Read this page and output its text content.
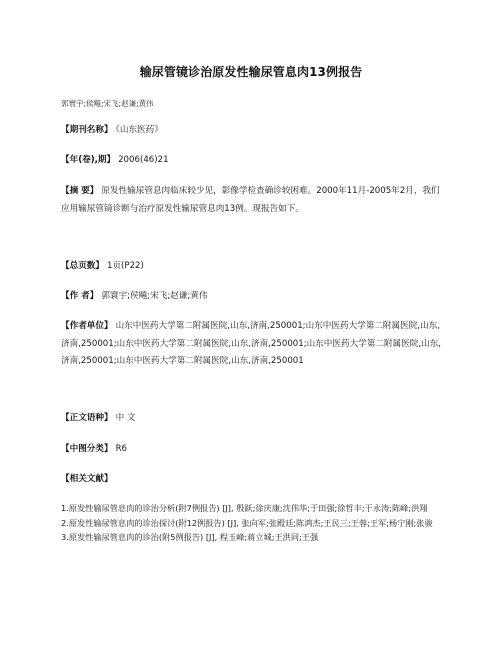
输尿管镜诊治原发性输尿管息肉13例报告
郭寰宇;侯飚;宋飞;赵谦;黄伟
【期刊名称】 《山东医药》
【年(卷),期】 2006(46)21
【摘 要】 原发性输尿管息肉临床较少见，影像学检查确诊较困难。2000年11月-2005年2月，我们应用输尿管镜诊断与治疗原发性输尿管息肉13例。现报告如下。
【总页数】 1页(P22)
【作 者】 郭寰宇;侯飚;宋飞;赵谦;黄伟
【作者单位】 山东中医药大学第二附属医院,山东,济南,250001;山东中医药大学第二附属医院,山东,济南,250001;山东中医药大学第二附属医院,山东,济南,250001;山东中医药大学第二附属医院,山东,济南,250001;山东中医药大学第二附属医院,山东,济南,250001
【正文语种】 中 文
【中图分类】 R6
【相关文献】

1.原发性输尿管息肉的诊治分析(附7例报告) [J], 殷跃;徐庆康;沈伟华;于田强;徐哲丰;于永涛;陈峰;洪翔

2.原发性输尿管息肉的诊治探讨(附12例报告) [J], 张向军;张殿廷;陈鸿杰;王民三;王蓉;王军;杨宁刚;张骏

3.原发性输尿管息肉的诊治(附5例报告) [J], 程玉峰;蒋立城;王洪同;王强
